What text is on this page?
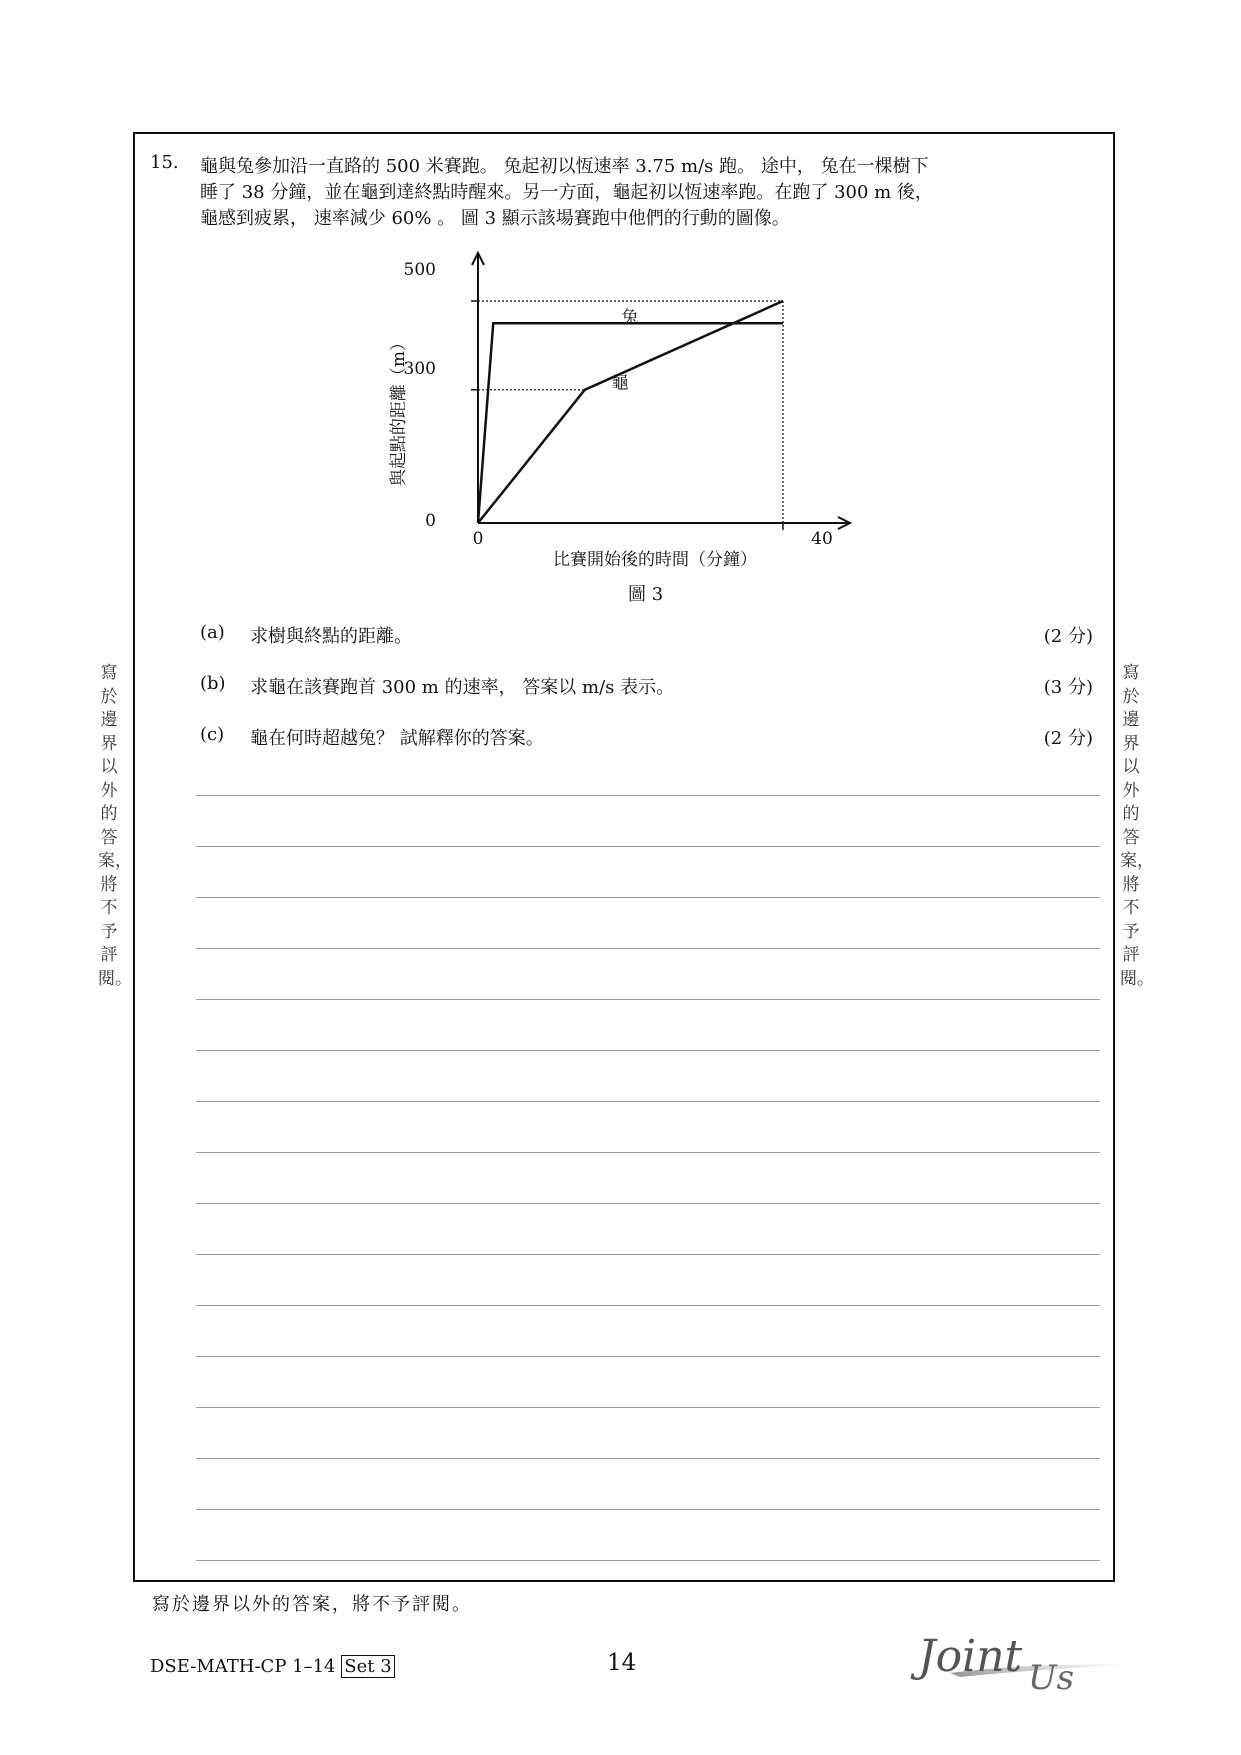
15. 龜與兔參加沿一直路的 500 米賽跑。 兔起初以恆速率 3.75 m/s 跑。 途中， 兔在一棵樹下
睡了 38 分鐘，並在龜到達終點時醒來。另一方面，龜起初以恆速率跑。在跑了 300 m 後，
龜感到疲累， 速率減少 60% 。 圖 3 顯示該場賽跑中他們的行動的圖像。
500
300
0
0	40
兔
龜
與起點的距離（m）
比賽開始後的時間（分鐘）
圖 3
(a) 求樹與終點的距離。	(2 分)
(b) 求龜在該賽跑首 300 m 的速率， 答案以 m/s 表示。	(3 分)
(c) 龜在何時超越兔？ 試解釋你的答案。	(2 分)
寫於邊界以外的答案，將不予評閱。
寫於邊界以外的答案，將不予評閱。
寫於邊界以外的答案，將不予評閱。
DSE-MATH-CP 1–14 Set 3	14	Joint Us
